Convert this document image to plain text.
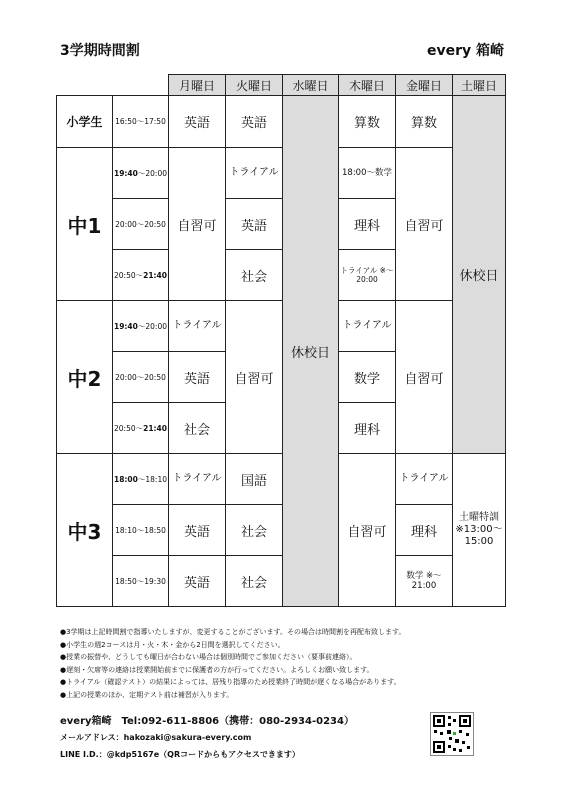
3学期時間割	every 箱崎
		月曜日	火曜日	水曜日	木曜日	金曜日	土曜日
小学生	16:50～17:50	英語	英語	休校日	算数	算数	休校日
中1	19:40～20:00	自習可	トライアル		18:00～数学	自習可	
	20:00～20:50		英語		理科		
	20:50～21:40		社会		トライアル ※～20:00		
中2	19:40～20:00	トライアル	自習可		トライアル	自習可	
	20:00～20:50	英語			数学		
	20:50～21:40	社会			理科		
中3	18:00～18:10	トライアル	国語		自習可	トライアル	土曜特訓 ※13:00～15:00
	18:10～18:50	英語	社会			理科	
	18:50～19:30	英語	社会			数学 ※～21:00	
●3学期は上記時間割で指導いたしますが、変更することがございます。その場合は時間割を再配布致します。
●小学生の週2コースは月・火・木・金から2日間を選択してください。
●授業の振替や、どうしても曜日が合わない場合は個別時間でご参加ください（要事前連絡）。
●遅刻・欠席等の連絡は授業開始前までに保護者の方が行ってください。よろしくお願い致します。
●トライアル（確認テスト）の結果によっては、居残り指導のため授業終了時間が遅くなる場合があります。
●上記の授業のほか、定期テスト前は補習が入ります。
every箱崎　Tel:092-611-8806（携帯：080-2934-0234）
メールアドレス：hakozaki@sakura-every.com
LINE I.D.：@kdp5167e（QRコードからもアクセスできます）
